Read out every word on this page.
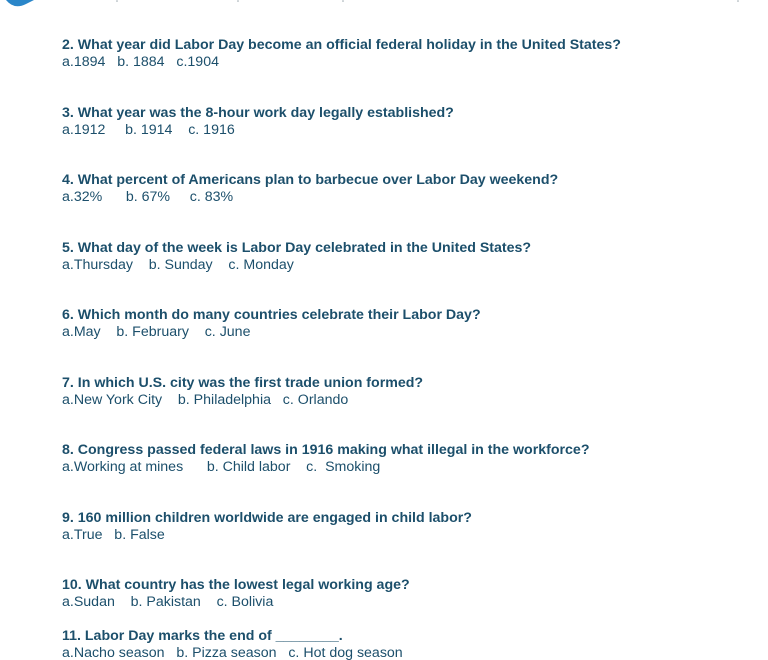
2. What year did Labor Day become an official federal holiday in the United States?
a.1894   b. 1884   c.1904
3. What year was the 8-hour work day legally established?
a.1912     b. 1914    c. 1916
4. What percent of Americans plan to barbecue over Labor Day weekend?
a.32%      b. 67%     c. 83%
5. What day of the week is Labor Day celebrated in the United States?
a.Thursday    b. Sunday    c. Monday
6. Which month do many countries celebrate their Labor Day?
a.May    b. February    c. June
7. In which U.S. city was the first trade union formed?
a.New York City    b. Philadelphia   c. Orlando
8. Congress passed federal laws in 1916 making what illegal in the workforce?
a.Working at mines      b. Child labor    c.  Smoking
9. 160 million children worldwide are engaged in child labor?
a.True   b. False
10. What country has the lowest legal working age?
a.Sudan    b. Pakistan    c. Bolivia
11. Labor Day marks the end of ________.
a.Nacho season   b. Pizza season   c. Hot dog season
